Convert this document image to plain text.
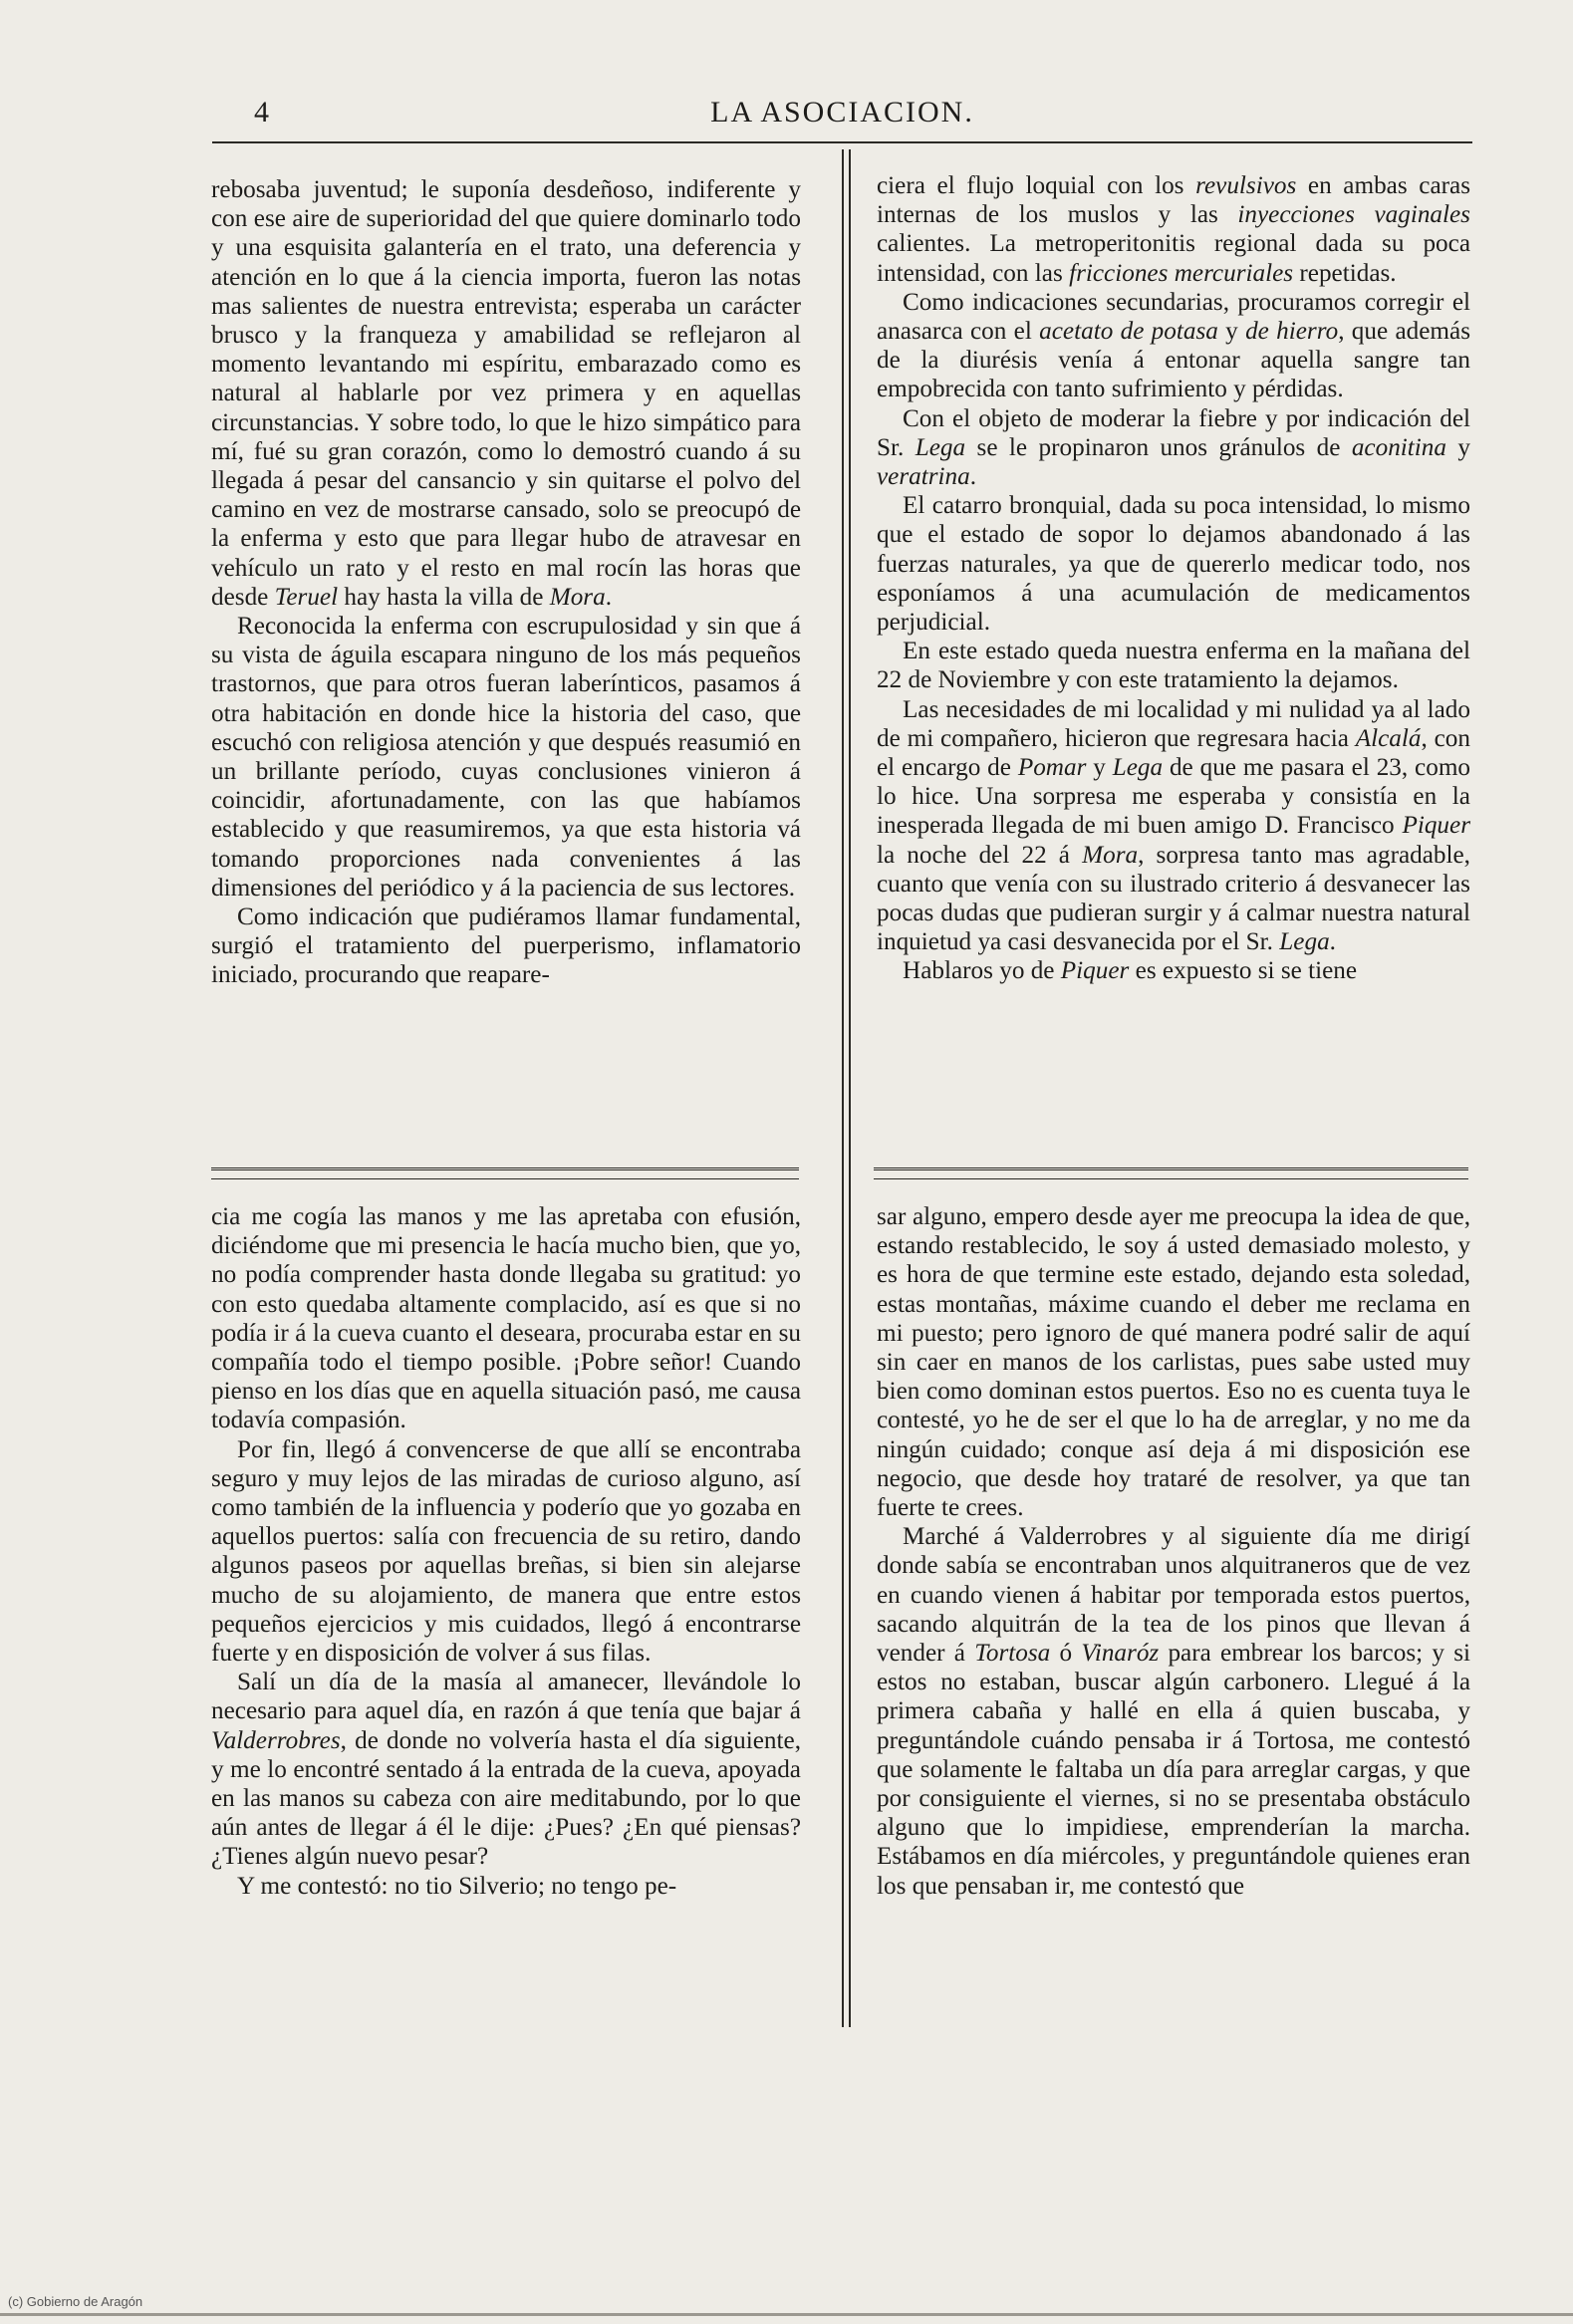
4	LA ASOCIACION.

rebosaba juventud; le suponía desdeñoso, indiferente y con ese aire de superioridad del que quiere dominarlo todo y una esquisita galantería en el trato, una deferencia y atención en lo que á la ciencia importa, fueron las notas mas salientes de nuestra entrevista; esperaba un carácter brusco y la franqueza y amabilidad se reflejaron al momento levantando mi espíritu, embarazado como es natural al hablarle por vez primera y en aquellas circunstancias. Y sobre todo, lo que le hizo simpático para mí, fué su gran corazón, como lo demostró cuando á su llegada á pesar del cansancio y sin quitarse el polvo del camino en vez de mostrarse cansado, solo se preocupó de la enferma y esto que para llegar hubo de atravesar en vehículo un rato y el resto en mal rocín las horas que desde Teruel hay hasta la villa de Mora.

Reconocida la enferma con escrupulosidad y sin que á su vista de águila escapara ninguno de los más pequeños trastornos, que para otros fueran laberínticos, pasamos á otra habitación en donde hice la historia del caso, que escuchó con religiosa atención y que después reasumió en un brillante período, cuyas conclusiones vinieron á coincidir, afortunadamente, con las que habíamos establecido y que reasumiremos, ya que esta historia vá tomando proporciones nada convenientes á las dimensiones del periódico y á la paciencia de sus lectores.

Como indicación que pudiéramos llamar fundamental, surgió el tratamiento del puerperismo, inflamatorio iniciado, procurando que reapare-

ciera el flujo loquial con los revulsivos en ambas caras internas de los muslos y las inyecciones vaginales calientes. La metroperitonitis regional dada su poca intensidad, con las fricciones mercuriales repetidas.

Como indicaciones secundarias, procuramos corregir el anasarca con el acetato de potasa y de hierro, que además de la diurésis venía á entonar aquella sangre tan empobrecida con tanto sufrimiento y pérdidas.

Con el objeto de moderar la fiebre y por indicación del Sr. Lega se le propinaron unos gránulos de aconitina y veratrina.

El catarro bronquial, dada su poca intensidad, lo mismo que el estado de sopor lo dejamos abandonado á las fuerzas naturales, ya que de quererlo medicar todo, nos esponíamos á una acumulación de medicamentos perjudicial.

En este estado queda nuestra enferma en la mañana del 22 de Noviembre y con este tratamiento la dejamos.

Las necesidades de mi localidad y mi nulidad ya al lado de mi compañero, hicieron que regresara hacia Alcalá, con el encargo de Pomar y Lega de que me pasara el 23, como lo hice. Una sorpresa me esperaba y consistía en la inesperada llegada de mi buen amigo D. Francisco Piquer la noche del 22 á Mora, sorpresa tanto mas agradable, cuanto que venía con su ilustrado criterio á desvanecer las pocas dudas que pudieran surgir y á calmar nuestra natural inquietud ya casi desvanecida por el Sr. Lega.

Hablaros yo de Piquer es expuesto si se tiene

cia me cogía las manos y me las apretaba con efusión, diciéndome que mi presencia le hacía mucho bien, que yo, no podía comprender hasta donde llegaba su gratitud: yo con esto quedaba altamente complacido, así es que si no podía ir á la cueva cuanto el deseara, procuraba estar en su compañía todo el tiempo posible. ¡Pobre señor! Cuando pienso en los días que en aquella situación pasó, me causa todavía compasión.

Por fin, llegó á convencerse de que allí se encontraba seguro y muy lejos de las miradas de curioso alguno, así como también de la influencia y poderío que yo gozaba en aquellos puertos: salía con frecuencia de su retiro, dando algunos paseos por aquellas breñas, si bien sin alejarse mucho de su alojamiento, de manera que entre estos pequeños ejercicios y mis cuidados, llegó á encontrarse fuerte y en disposición de volver á sus filas.

Salí un día de la masía al amanecer, llevándole lo necesario para aquel día, en razón á que tenía que bajar á Valderrobres, de donde no volvería hasta el día siguiente, y me lo encontré sentado á la entrada de la cueva, apoyada en las manos su cabeza con aire meditabundo, por lo que aún antes de llegar á él le dije: ¿Pues? ¿En qué piensas? ¿Tienes algún nuevo pesar?

Y me contestó: no tio Silverio; no tengo pe-

sar alguno, empero desde ayer me preocupa la idea de que, estando restablecido, le soy á usted demasiado molesto, y es hora de que termine este estado, dejando esta soledad, estas montañas, máxime cuando el deber me reclama en mi puesto; pero ignoro de qué manera podré salir de aquí sin caer en manos de los carlistas, pues sabe usted muy bien como dominan estos puertos. Eso no es cuenta tuya le contesté, yo he de ser el que lo ha de arreglar, y no me da ningún cuidado; conque así deja á mi disposición ese negocio, que desde hoy trataré de resolver, ya que tan fuerte te crees.

Marché á Valderrobres y al siguiente día me dirigí donde sabía se encontraban unos alquitraneros que de vez en cuando vienen á habitar por temporada estos puertos, sacando alquitrán de la tea de los pinos que llevan á vender á Tortosa ó Vinaróz para embrear los barcos; y si estos no estaban, buscar algún carbonero. Llegué á la primera cabaña y hallé en ella á quien buscaba, y preguntándole cuándo pensaba ir á Tortosa, me contestó que solamente le faltaba un día para arreglar cargas, y que por consiguiente el viernes, si no se presentaba obstáculo alguno que lo impidiese, emprenderían la marcha. Estábamos en día miércoles, y preguntándole quienes eran los que pensaban ir, me contestó que

(c) Gobierno de Aragón
